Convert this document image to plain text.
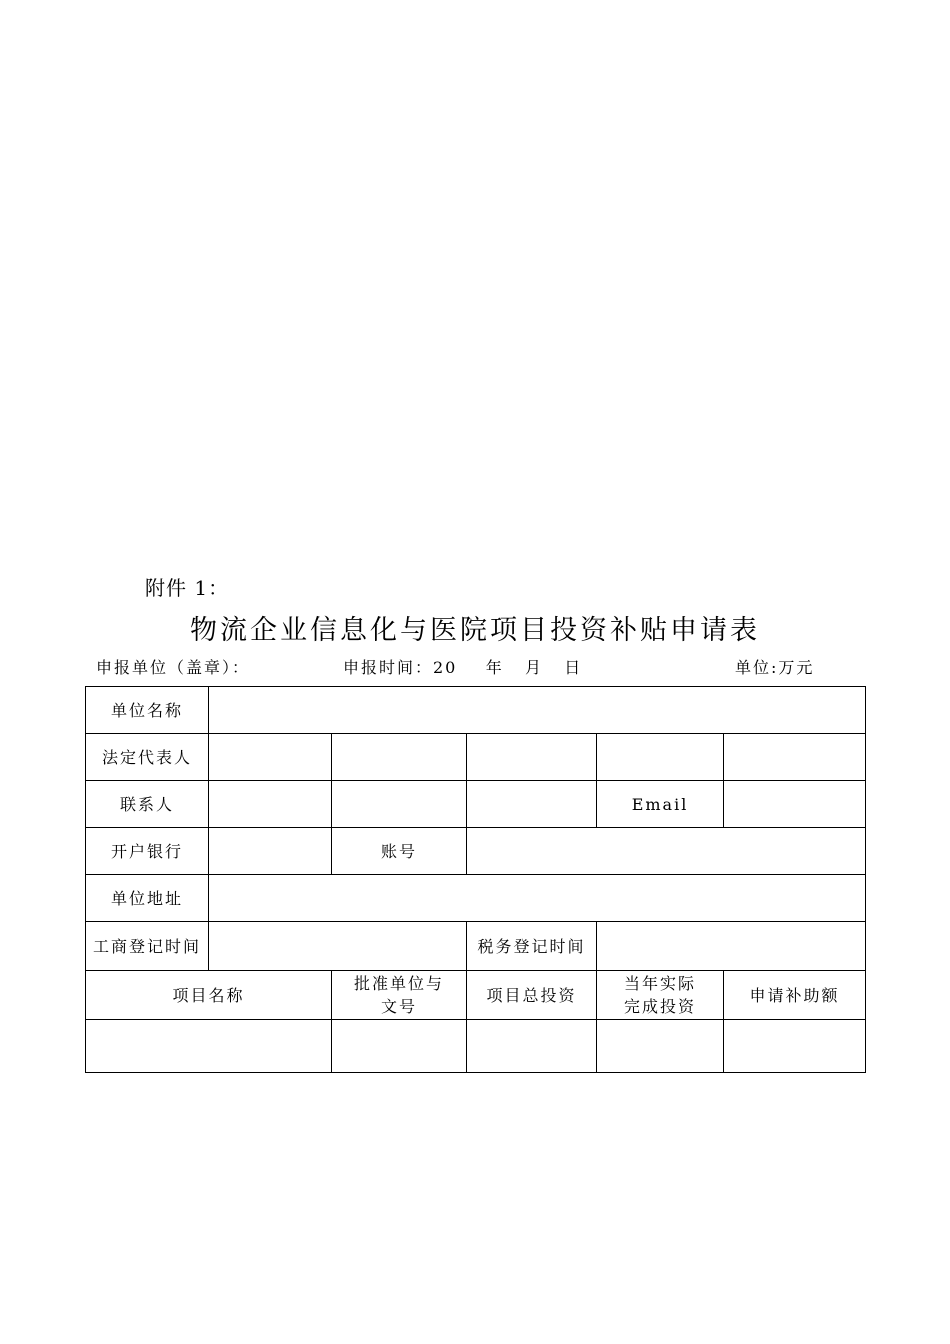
附件 1：
物流企业信息化与医院项目投资补贴申请表
申报单位（盖章）：	申报时间：20    年   月   日	单位:万元
单位名称					
法定代表人					
联系人				Email	
开户银行		账号			
单位地址					
工商登记时间			税务登记时间		
项目名称		批准单位与文号	项目总投资	当年实际完成投资	申请补助额
